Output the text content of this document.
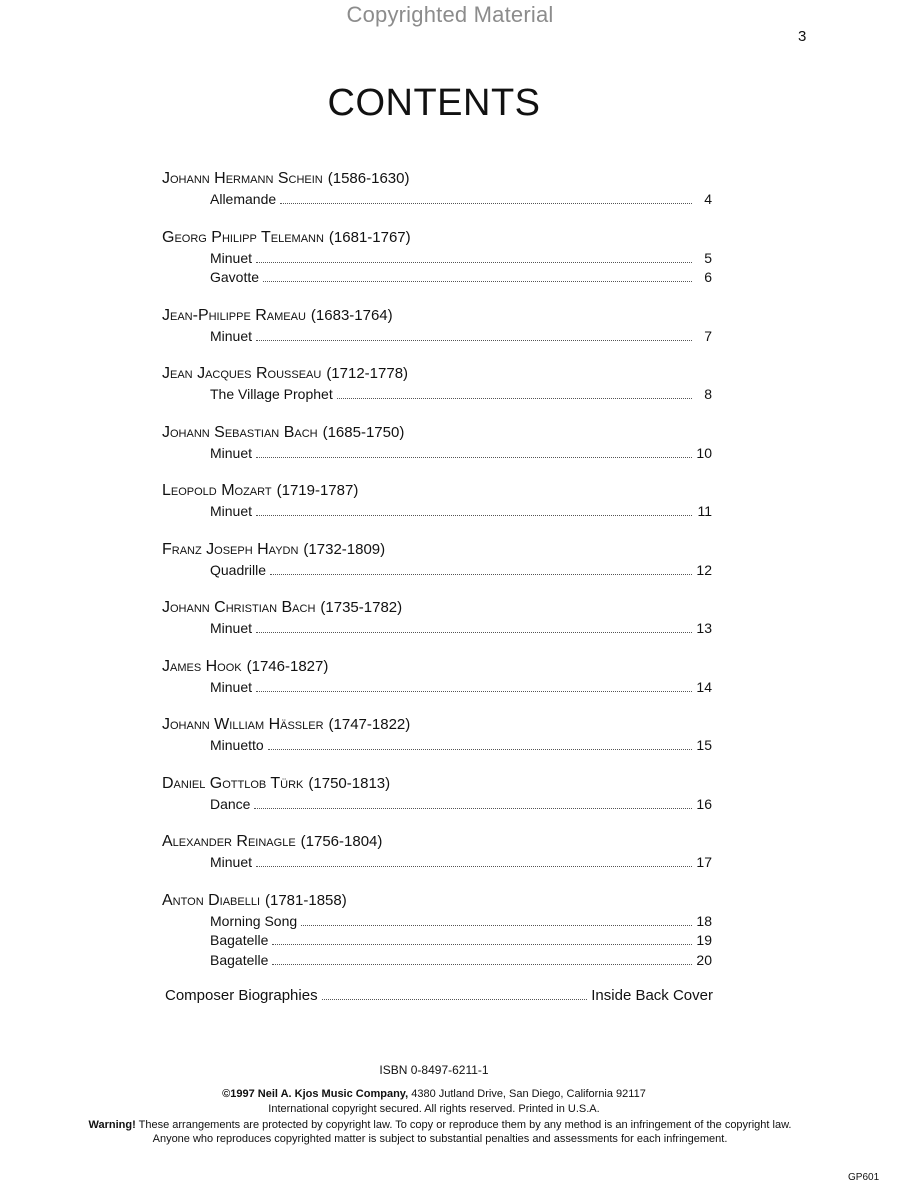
Copyrighted Material
3
CONTENTS
Johann Hermann Schein (1586-1630)
Allemande	4
Georg Philipp Telemann (1681-1767)
Minuet	5
Gavotte	6
Jean-Philippe Rameau (1683-1764)
Minuet	7
Jean Jacques Rousseau (1712-1778)
The Village Prophet	8
Johann Sebastian Bach (1685-1750)
Minuet	10
Leopold Mozart (1719-1787)
Minuet	11
Franz Joseph Haydn (1732-1809)
Quadrille	12
Johann Christian Bach (1735-1782)
Minuet	13
James Hook (1746-1827)
Minuet	14
Johann William Hässler (1747-1822)
Minuetto	15
Daniel Gottlob Türk (1750-1813)
Dance	16
Alexander Reinagle (1756-1804)
Minuet	17
Anton Diabelli (1781-1858)
Morning Song	18
Bagatelle	19
Bagatelle	20
Composer Biographies	Inside Back Cover
ISBN 0-8497-6211-1
©1997 Neil A. Kjos Music Company, 4380 Jutland Drive, San Diego, California 92117
International copyright secured. All rights reserved. Printed in U.S.A.
Warning! These arrangements are protected by copyright law. To copy or reproduce them by any method is an infringement of the copyright law. Anyone who reproduces copyrighted matter is subject to substantial penalties and assessments for each infringement.
GP601
